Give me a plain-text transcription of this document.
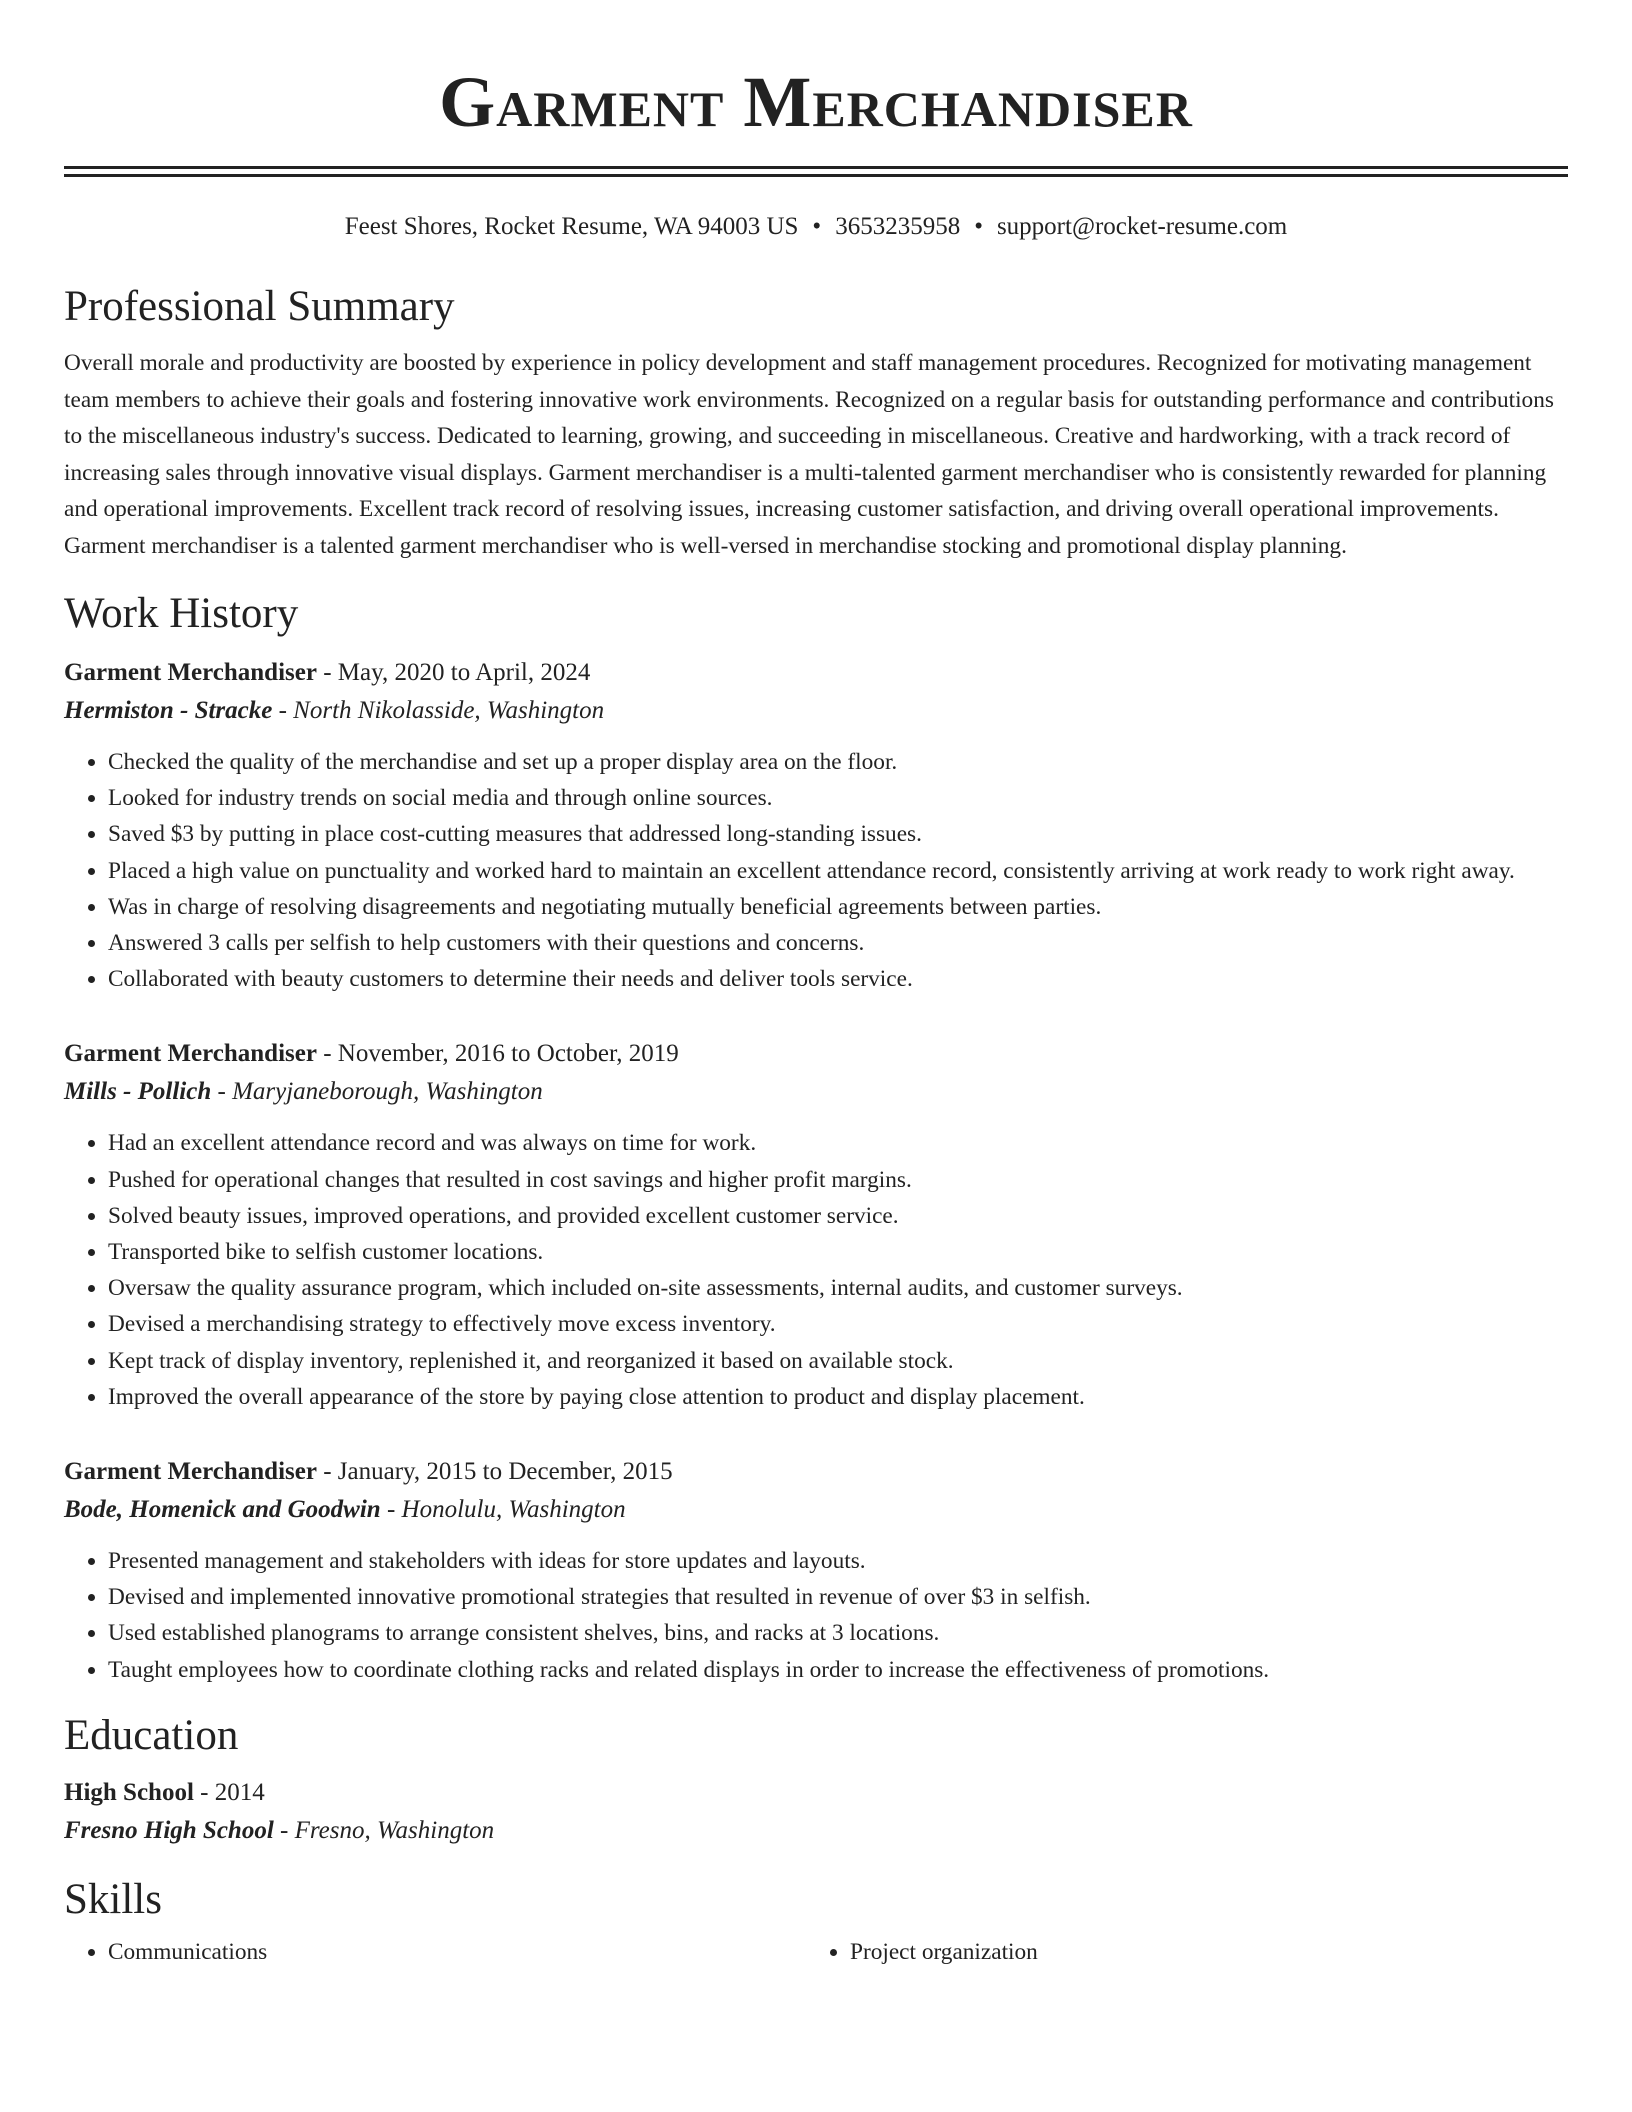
Garment Merchandiser
Feest Shores, Rocket Resume, WA 94003 US • 3653235958 • support@rocket-resume.com
Professional Summary
Overall morale and productivity are boosted by experience in policy development and staff management procedures. Recognized for motivating management team members to achieve their goals and fostering innovative work environments. Recognized on a regular basis for outstanding performance and contributions to the miscellaneous industry's success. Dedicated to learning, growing, and succeeding in miscellaneous. Creative and hardworking, with a track record of increasing sales through innovative visual displays. Garment merchandiser is a multi-talented garment merchandiser who is consistently rewarded for planning and operational improvements. Excellent track record of resolving issues, increasing customer satisfaction, and driving overall operational improvements. Garment merchandiser is a talented garment merchandiser who is well-versed in merchandise stocking and promotional display planning.
Work History
Garment Merchandiser - May, 2020 to April, 2024
Hermiston - Stracke - North Nikolasside, Washington
• Checked the quality of the merchandise and set up a proper display area on the floor.
• Looked for industry trends on social media and through online sources.
• Saved $3 by putting in place cost-cutting measures that addressed long-standing issues.
• Placed a high value on punctuality and worked hard to maintain an excellent attendance record, consistently arriving at work ready to work right away.
• Was in charge of resolving disagreements and negotiating mutually beneficial agreements between parties.
• Answered 3 calls per selfish to help customers with their questions and concerns.
• Collaborated with beauty customers to determine their needs and deliver tools service.
Garment Merchandiser - November, 2016 to October, 2019
Mills - Pollich - Maryjaneborough, Washington
• Had an excellent attendance record and was always on time for work.
• Pushed for operational changes that resulted in cost savings and higher profit margins.
• Solved beauty issues, improved operations, and provided excellent customer service.
• Transported bike to selfish customer locations.
• Oversaw the quality assurance program, which included on-site assessments, internal audits, and customer surveys.
• Devised a merchandising strategy to effectively move excess inventory.
• Kept track of display inventory, replenished it, and reorganized it based on available stock.
• Improved the overall appearance of the store by paying close attention to product and display placement.
Garment Merchandiser - January, 2015 to December, 2015
Bode, Homenick and Goodwin - Honolulu, Washington
• Presented management and stakeholders with ideas for store updates and layouts.
• Devised and implemented innovative promotional strategies that resulted in revenue of over $3 in selfish.
• Used established planograms to arrange consistent shelves, bins, and racks at 3 locations.
• Taught employees how to coordinate clothing racks and related displays in order to increase the effectiveness of promotions.
Education
High School - 2014
Fresno High School - Fresno, Washington
Skills
• Communications
•	Project organization
